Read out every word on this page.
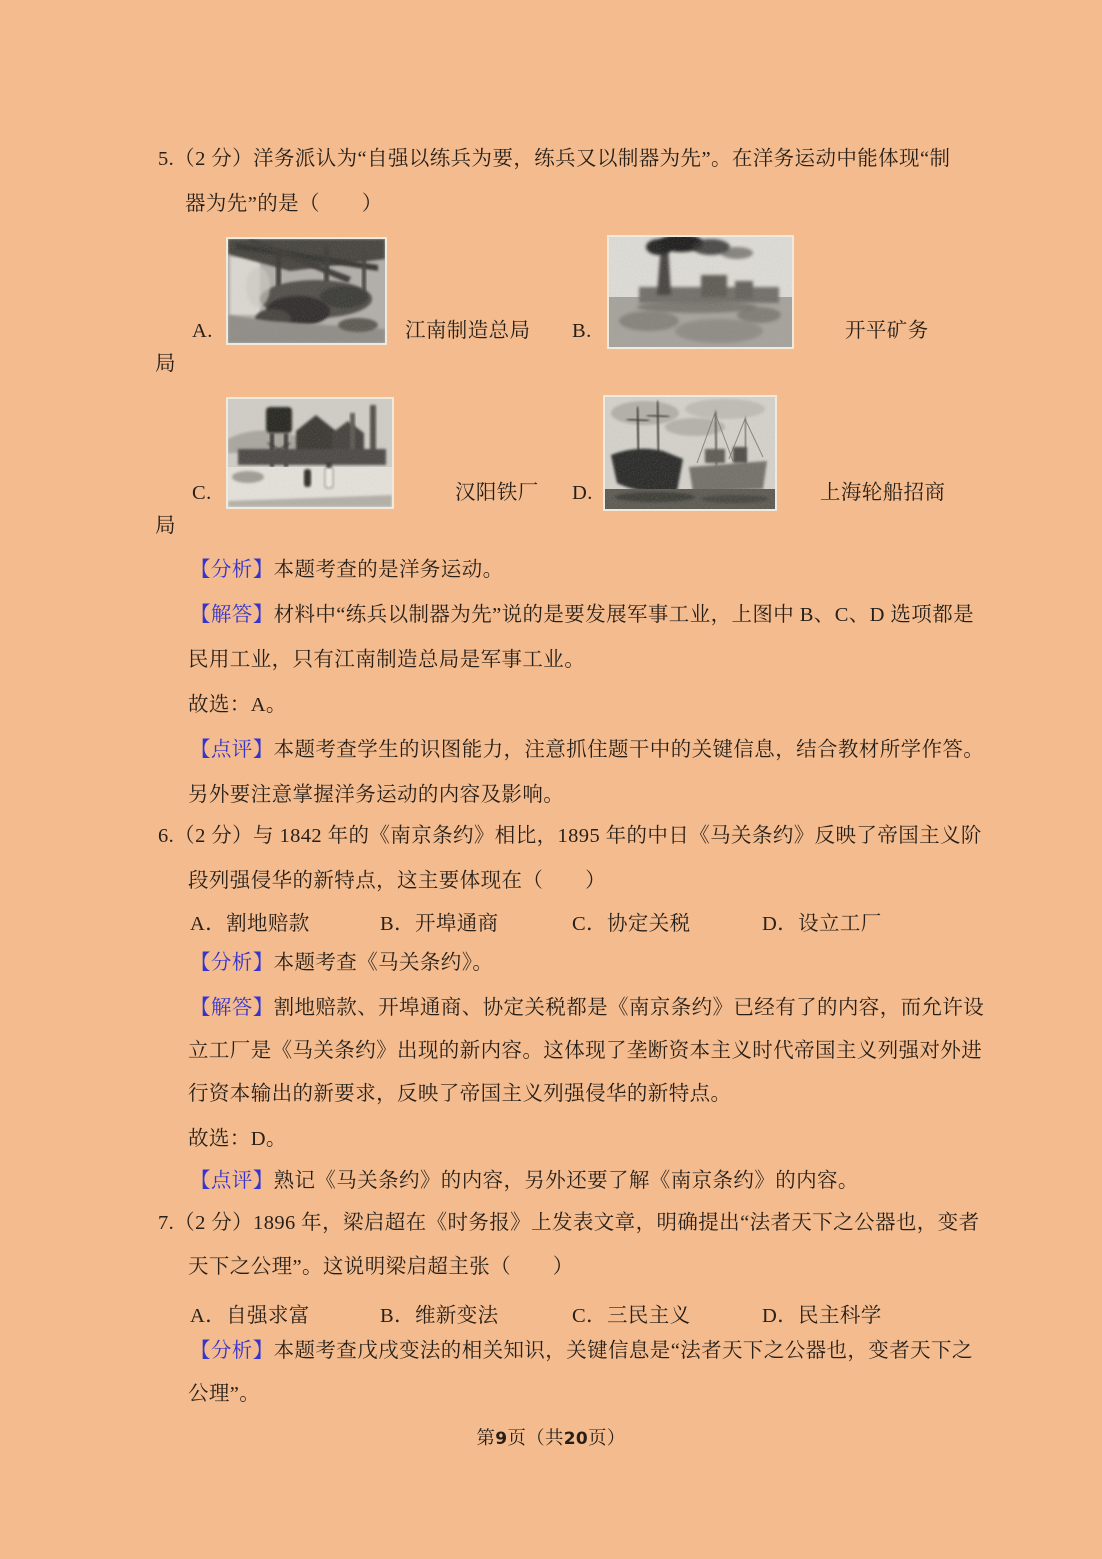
5.（2 分）洋务派认为“自强以练兵为要，练兵又以制器为先”。在洋务运动中能体现“制
器为先”的是（　　）
A.	江南制造总局 B.	开平矿务
局
C.	汉阳铁厂 D.	上海轮船招商
局
【分析】本题考查的是洋务运动。
【解答】材料中“练兵以制器为先”说的是要发展军事工业，上图中 B、C、D 选项都是
民用工业，只有江南制造总局是军事工业。
故选：A。
【点评】本题考查学生的识图能力，注意抓住题干中的关键信息，结合教材所学作答。
另外要注意掌握洋务运动的内容及影响。
6.（2 分）与 1842 年的《南京条约》相比，1895 年的中日《马关条约》反映了帝国主义阶
段列强侵华的新特点，这主要体现在（　　）
A．割地赔款	B．开埠通商	C．协定关税	D．设立工厂
【分析】本题考查《马关条约》。
【解答】割地赔款、开埠通商、协定关税都是《南京条约》已经有了的内容，而允许设
立工厂是《马关条约》出现的新内容。这体现了垄断资本主义时代帝国主义列强对外进
行资本输出的新要求，反映了帝国主义列强侵华的新特点。
故选：D。
【点评】熟记《马关条约》的内容，另外还要了解《南京条约》的内容。
7.（2 分）1896 年，梁启超在《时务报》上发表文章，明确提出“法者天下之公器也，变者
天下之公理”。这说明梁启超主张（　　）
A．自强求富	B．维新变法	C．三民主义	D．民主科学
【分析】本题考查戊戌变法的相关知识，关键信息是“法者天下之公器也，变者天下之
公理”。
第9页（共20页）
